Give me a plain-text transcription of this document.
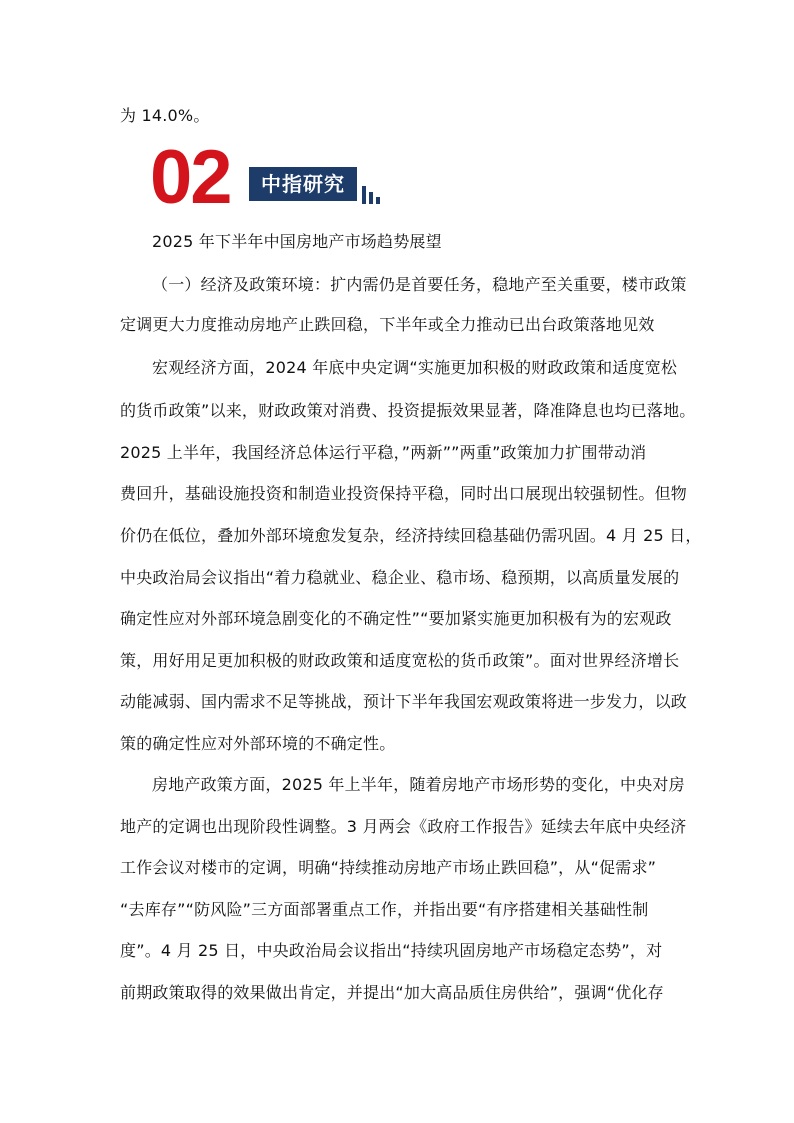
为 14.0%。
02	中指研究
2025 年下半年中国房地产市场趋势展望
（一）经济及政策环境：扩内需仍是首要任务，稳地产至关重要，楼市政策
定调更大力度推动房地产止跌回稳，下半年或全力推动已出台政策落地见效
宏观经济方面，2024 年底中央定调“实施更加积极的财政政策和适度宽松
的货币政策”以来，财政政策对消费、投资提振效果显著，降准降息也均已落地。
2025 上半年，我国经济总体运行平稳，”两新””两重”政策加力扩围带动消
费回升，基础设施投资和制造业投资保持平稳，同时出口展现出较强韧性。但物
价仍在低位，叠加外部环境愈发复杂，经济持续回稳基础仍需巩固。4 月 25 日，
中央政治局会议指出“着力稳就业、稳企业、稳市场、稳预期，以高质量发展的
确定性应对外部环境急剧变化的不确定性”“要加紧实施更加积极有为的宏观政
策，用好用足更加积极的财政政策和适度宽松的货币政策”。面对世界经济增长
动能减弱、国内需求不足等挑战，预计下半年我国宏观政策将进一步发力，以政
策的确定性应对外部环境的不确定性。
房地产政策方面，2025 年上半年，随着房地产市场形势的变化，中央对房
地产的定调也出现阶段性调整。3 月两会《政府工作报告》延续去年底中央经济
工作会议对楼市的定调，明确“持续推动房地产市场止跌回稳”，从“促需求”
“去库存”“防风险”三方面部署重点工作，并指出要“有序搭建相关基础性制
度”。4 月 25 日，中央政治局会议指出“持续巩固房地产市场稳定态势”，对
前期政策取得的效果做出肯定，并提出“加大高品质住房供给”，强调“优化存
